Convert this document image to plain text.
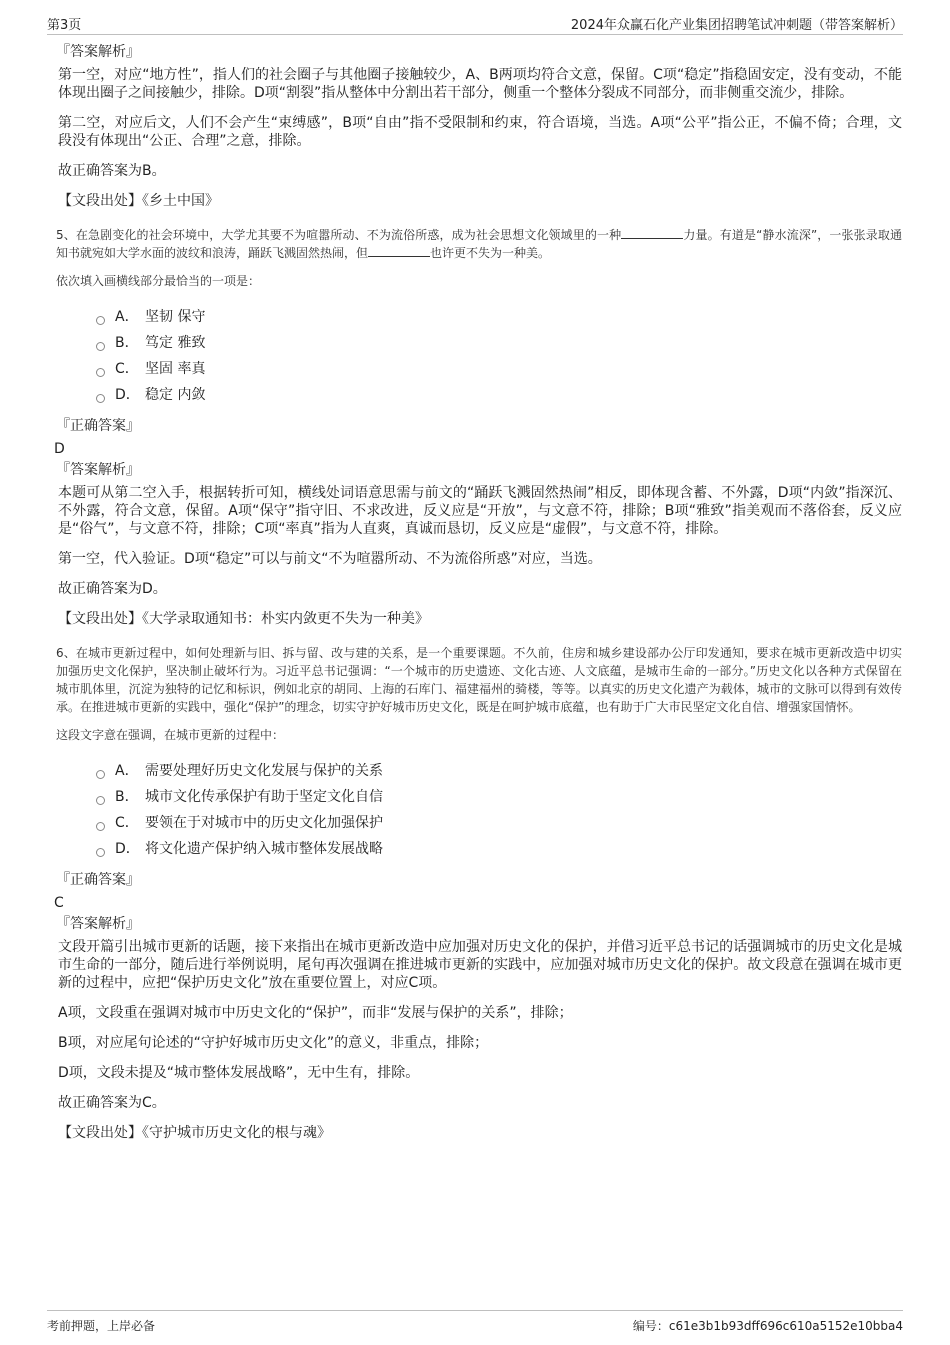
第3页	2024年众赢石化产业集团招聘笔试冲刺题（带答案解析）
『答案解析』

第一空，对应“地方性”，指人们的社会圈子与其他圈子接触较少，A、B两项均符合文意，保留。C项“稳定”指稳固安定，没有变动，不能体现出圈子之间接触少，排除。D项“割裂”指从整体中分割出若干部分，侧重一个整体分裂成不同部分，而非侧重交流少，排除。

第二空，对应后文，人们不会产生“束缚感”，B项“自由”指不受限制和约束，符合语境，当选。A项“公平”指公正，不偏不倚；合理，文段没有体现出“公正、合理”之意，排除。

故正确答案为B。

【文段出处】《乡土中国》

5、在急剧变化的社会环境中，大学尤其要不为喧嚣所动、不为流俗所惑，成为社会思想文化领域里的一种	力量。有道是“静水流深”，一张张录取通知书就宛如大学水面的波纹和浪涛，踊跃飞溅固然热闹，但	也许更不失为一种美。

依次填入画横线部分最恰当的一项是：

A． 坚韧 保守
B． 笃定 雅致
C． 坚固 率真
D． 稳定 内敛
『正确答案』
D
『答案解析』

本题可从第二空入手，根据转折可知，横线处词语意思需与前文的“踊跃飞溅固然热闹”相反，即体现含蓄、不外露，D项“内敛”指深沉、不外露，符合文意，保留。A项“保守”指守旧、不求改进，反义应是“开放”，与文意不符，排除；B项“雅致”指美观而不落俗套，反义应是“俗气”，与文意不符，排除；C项“率真”指为人直爽，真诚而恳切，反义应是“虚假”，与文意不符，排除。

第一空，代入验证。D项“稳定”可以与前文“不为喧嚣所动、不为流俗所惑”对应，当选。

故正确答案为D。

【文段出处】《大学录取通知书：朴实内敛更不失为一种美》

6、在城市更新过程中，如何处理新与旧、拆与留、改与建的关系，是一个重要课题。不久前，住房和城乡建设部办公厅印发通知，要求在城市更新改造中切实加强历史文化保护，坚决制止破坏行为。习近平总书记强调：“一个城市的历史遗迹、文化古迹、人文底蕴，是城市生命的一部分。”历史文化以各种方式保留在城市肌体里，沉淀为独特的记忆和标识，例如北京的胡同、上海的石库门、福建福州的骑楼，等等。以真实的历史文化遗产为载体，城市的文脉可以得到有效传承。在推进城市更新的实践中，强化“保护”的理念，切实守护好城市历史文化，既是在呵护城市底蕴，也有助于广大市民坚定文化自信、增强家国情怀。

这段文字意在强调，在城市更新的过程中：

A． 需要处理好历史文化发展与保护的关系
B． 城市文化传承保护有助于坚定文化自信
C． 要领在于对城市中的历史文化加强保护
D． 将文化遗产保护纳入城市整体发展战略
『正确答案』
C
『答案解析』

文段开篇引出城市更新的话题，接下来指出在城市更新改造中应加强对历史文化的保护，并借习近平总书记的话强调城市的历史文化是城市生命的一部分，随后进行举例说明，尾句再次强调在推进城市更新的实践中，应加强对城市历史文化的保护。故文段意在强调在城市更新的过程中，应把“保护历史文化”放在重要位置上，对应C项。

A项，文段重在强调对城市中历史文化的“保护”，而非“发展与保护的关系”，排除；

B项，对应尾句论述的“守护好城市历史文化”的意义，非重点，排除；

D项，文段未提及“城市整体发展战略”，无中生有，排除。

故正确答案为C。

【文段出处】《守护城市历史文化的根与魂》

考前押题，上岸必备	编号：c61e3b1b93dff696c610a5152e10bba4
